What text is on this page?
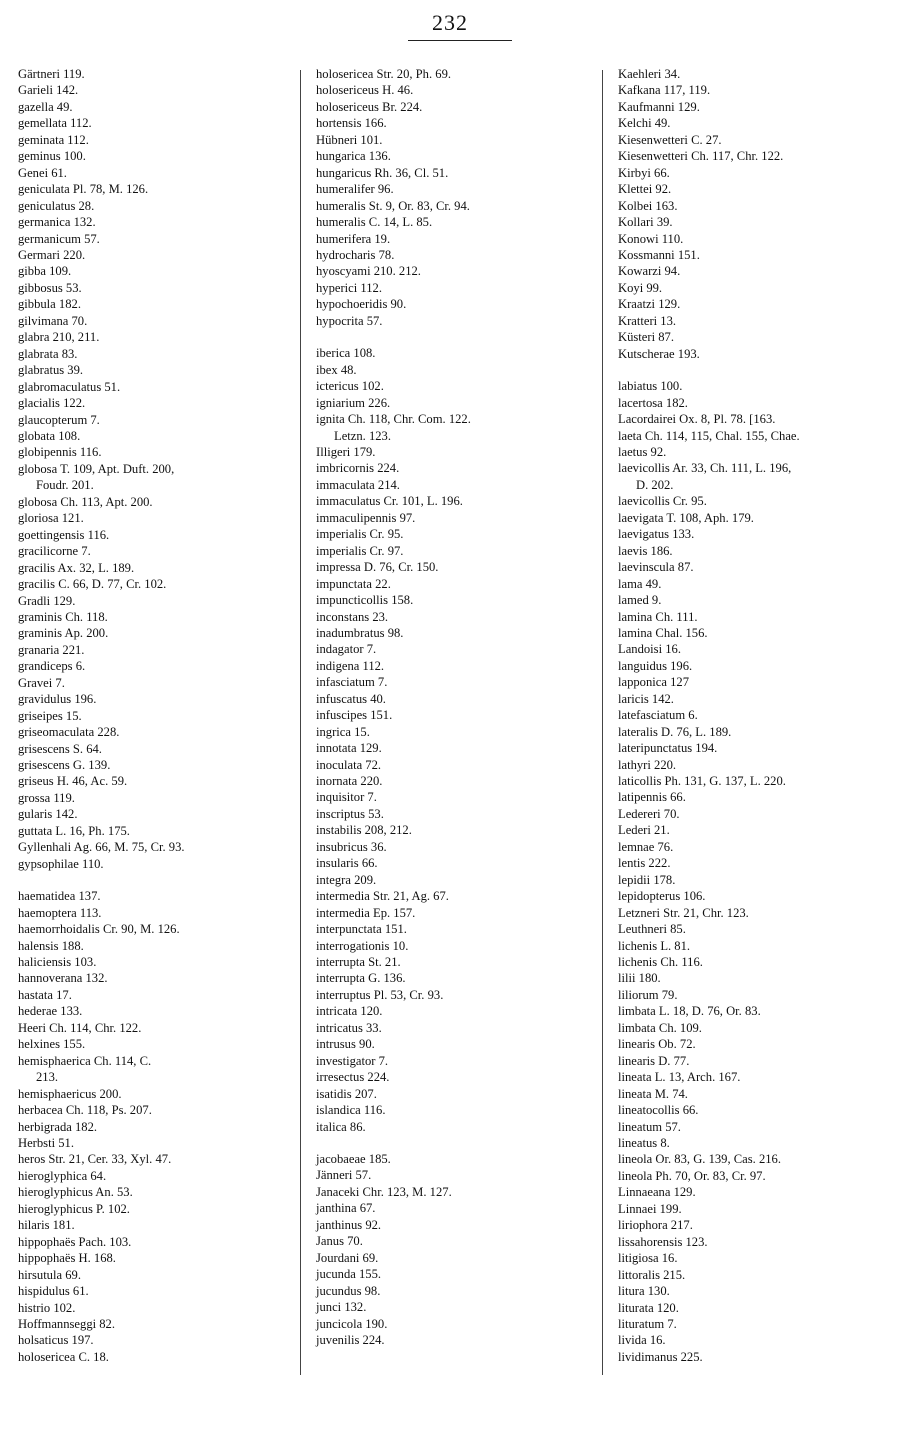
232
Gärtneri 119.
Garieli 142.
gazella 49.
gemellata 112.
geminata 112.
geminus 100.
Genei 61.
geniculata Pl. 78, M. 126.
geniculatus 28.
germanica 132.
germanicum 57.
Germari 220.
gibba 109.
gibbosus 53.
gibbula 182.
gilvimana 70.
glabra 210, 211.
glabrata 83.
glabratus 39.
glabromaculatus 51.
glacialis 122.
glaucopterum 7.
globata 108.
globipennis 116.
globosa T. 109, Apt. Duft. 200,
Foudr. 201.
globosa Ch. 113, Apt. 200.
gloriosa 121.
goettingensis 116.
gracilicorne 7.
gracilis Ax. 32, L. 189.
gracilis C. 66, D. 77, Cr. 102.
Gradli 129.
graminis Ch. 118.
graminis Ap. 200.
granaria 221.
grandiceps 6.
Gravei 7.
gravidulus 196.
griseipes 15.
griseomaculata 228.
grisescens S. 64.
grisescens G. 139.
griseus H. 46, Ac. 59.
grossa 119.
gularis 142.
guttata L. 16, Ph. 175.
Gyllenhali Ag. 66, M. 75, Cr. 93.
gypsophilae 110.
haematidea 137.
haemoptera 113.
haemorrhoidalis Cr. 90, M. 126.
halensis 188.
haliciensis 103.
hannoverana 132.
hastata 17.
hederae 133.
Heeri Ch. 114, Chr. 122.
helxines 155.
hemisphaerica Ch. 114, C.
213.
hemisphaericus 200.
herbacea Ch. 118, Ps. 207.
herbigrada 182.
Herbsti 51.
heros Str. 21, Cer. 33, Xyl. 47.
hieroglyphica 64.
hieroglyphicus An. 53.
hieroglyphicus P. 102.
hilaris 181.
hippophaës Pach. 103.
hippophaës H. 168.
hirsutula 69.
hispidulus 61.
histrio 102.
Hoffmannseggi 82.
holsaticus 197.
holosericea C. 18.
holosericea Str. 20, Ph. 69.
holosericeus H. 46.
holosericeus Br. 224.
hortensis 166.
Hübneri 101.
hungarica 136.
hungaricus Rh. 36, Cl. 51.
humeralifer 96.
humeralis St. 9, Or. 83, Cr. 94.
humeralis C. 14, L. 85.
humerifera 19.
hydrocharis 78.
hyoscyami 210. 212.
hyperici 112.
hypochoeridis 90.
hypocrita 57.
iberica 108.
ibex 48.
ictericus 102.
igniarium 226.
ignita Ch. 118, Chr. Com. 122.
Letzn. 123.
Illigeri 179.
imbricornis 224.
immaculata 214.
immaculatus Cr. 101, L. 196.
immaculipennis 97.
imperialis Cr. 95.
imperialis Cr. 97.
impressa D. 76, Cr. 150.
impunctata 22.
impuncticollis 158.
inconstans 23.
inadumbratus 98.
indagator 7.
indigena 112.
infasciatum 7.
infuscatus 40.
infuscipes 151.
ingrica 15.
innotata 129.
inoculata 72.
inornata 220.
inquisitor 7.
inscriptus 53.
instabilis 208, 212.
insubricus 36.
insularis 66.
integra 209.
intermedia Str. 21, Ag. 67.
intermedia Ep. 157.
interpunctata 151.
interrogationis 10.
interrupta St. 21.
interrupta G. 136.
interruptus Pl. 53, Cr. 93.
intricata 120.
intricatus 33.
intrusus 90.
investigator 7.
irresectus 224.
isatidis 207.
islandica 116.
italica 86.
jacobaeae 185.
Jänneri 57.
Janaceki Chr. 123, M. 127.
janthina 67.
janthinus 92.
Janus 70.
Jourdani 69.
jucunda 155.
jucundus 98.
junci 132.
juncicola 190.
juvenilis 224.
Kaehleri 34.
Kafkana 117, 119.
Kaufmanni 129.
Kelchi 49.
Kiesenwetteri C. 27.
Kiesenwetteri Ch. 117, Chr. 122.
Kirbyi 66.
Klettei 92.
Kolbei 163.
Kollari 39.
Konowi 110.
Kossmanni 151.
Kowarzi 94.
Koyi 99.
Kraatzi 129.
Kratteri 13.
Küsteri 87.
Kutscherae 193.
labiatus 100.
lacertosa 182.
Lacordairei Ox. 8, Pl. 78. [163.
laeta Ch. 114, 115, Chal. 155, Chae.
laetus 92.
laevicollis Ar. 33, Ch. 111, L. 196,
D. 202.
laevicollis Cr. 95.
laevigata T. 108, Aph. 179.
laevigatus 133.
laevis 186.
laevinscula 87.
lama 49.
lamed 9.
lamina Ch. 111.
lamina Chal. 156.
Landoisi 16.
languidus 196.
lapponica 127
laricis 142.
latefasciatum 6.
lateralis D. 76, L. 189.
lateripunctatus 194.
lathyri 220.
laticollis Ph. 131, G. 137, L. 220.
latipennis 66.
Ledereri 70.
Lederi 21.
lemnae 76.
lentis 222.
lepidii 178.
lepidopterus 106.
Letzneri Str. 21, Chr. 123.
Leuthneri 85.
lichenis L. 81.
lichenis Ch. 116.
lilii 180.
liliorum 79.
limbata L. 18, D. 76, Or. 83.
limbata Ch. 109.
linearis Ob. 72.
linearis D. 77.
lineata L. 13, Arch. 167.
lineata M. 74.
lineatocollis 66.
lineatum 57.
lineatus 8.
lineola Or. 83, G. 139, Cas. 216.
lineola Ph. 70, Or. 83, Cr. 97.
Linnaeana 129.
Linnaei 199.
liriophora 217.
lissahorensis 123.
litigiosa 16.
littoralis 215.
litura 130.
liturata 120.
lituratum 7.
livida 16.
lividimanus 225.
